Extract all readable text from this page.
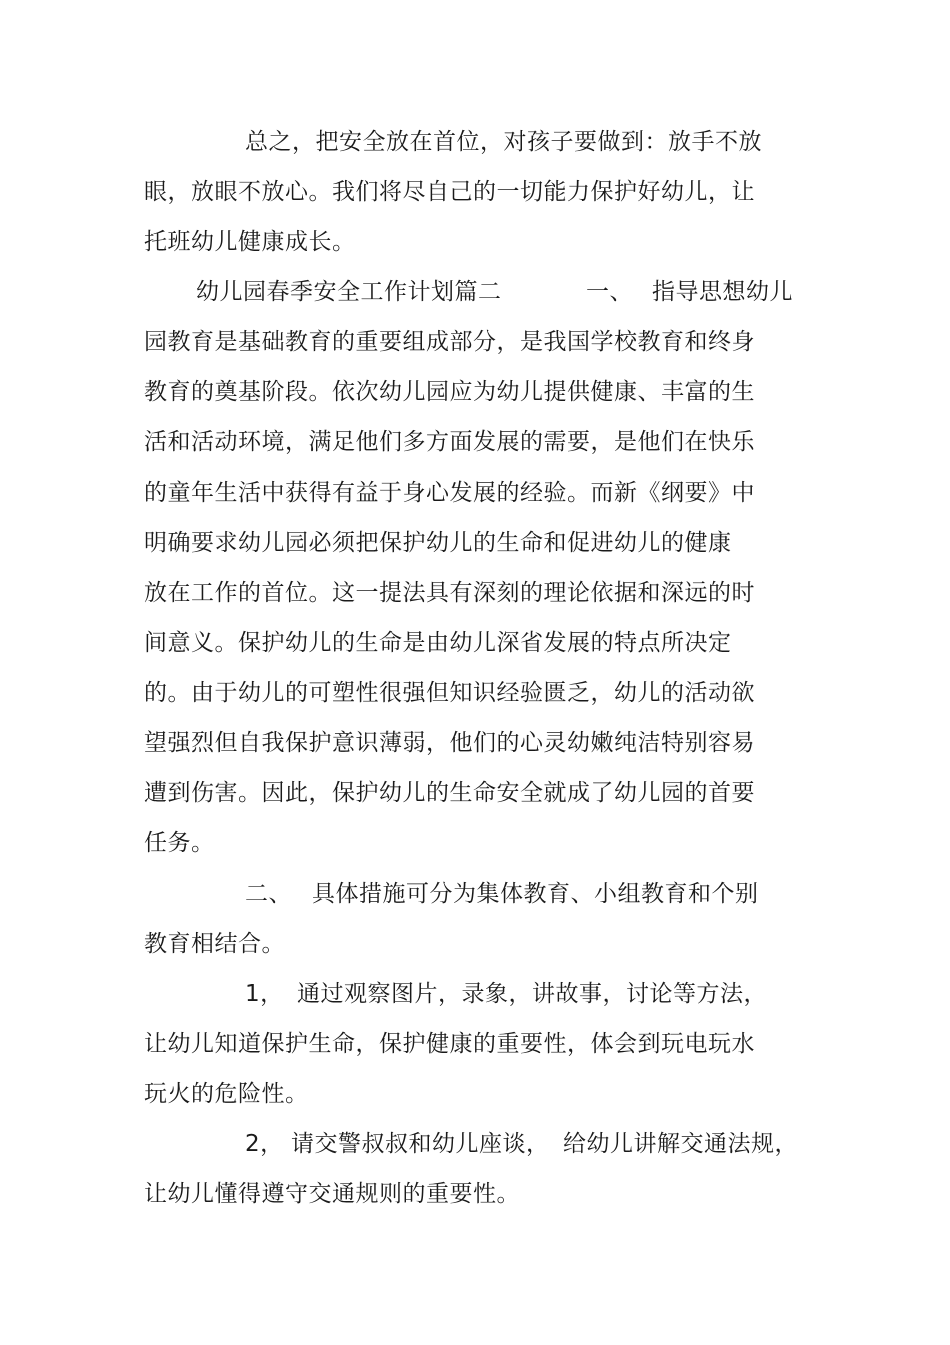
总之，把安全放在首位，对孩子要做到：放手不放
眼，放眼不放心。我们将尽自己的一切能力保护好幼儿，让
托班幼儿健康成长。
幼儿园春季安全工作计划篇二	一、 指导思想幼儿
园教育是基础教育的重要组成部分，是我国学校教育和终身
教育的奠基阶段。依次幼儿园应为幼儿提供健康、丰富的生
活和活动环境，满足他们多方面发展的需要，是他们在快乐
的童年生活中获得有益于身心发展的经验。而新《纲要》中
明确要求幼儿园必须把保护幼儿的生命和促进幼儿的健康
放在工作的首位。这一提法具有深刻的理论依据和深远的时
间意义。保护幼儿的生命是由幼儿深省发展的特点所决定
的。由于幼儿的可塑性很强但知识经验匮乏，幼儿的活动欲
望强烈但自我保护意识薄弱，他们的心灵幼嫩纯洁特别容易
遭到伤害。因此，保护幼儿的生命安全就成了幼儿园的首要
任务。
二、 具体措施可分为集体教育、小组教育和个别
教育相结合。
1， 通过观察图片，录象，讲故事，讨论等方法，
让幼儿知道保护生命，保护健康的重要性，体会到玩电玩水
玩火的危险性。
2， 请交警叔叔和幼儿座谈， 给幼儿讲解交通法规，
让幼儿懂得遵守交通规则的重要性。
